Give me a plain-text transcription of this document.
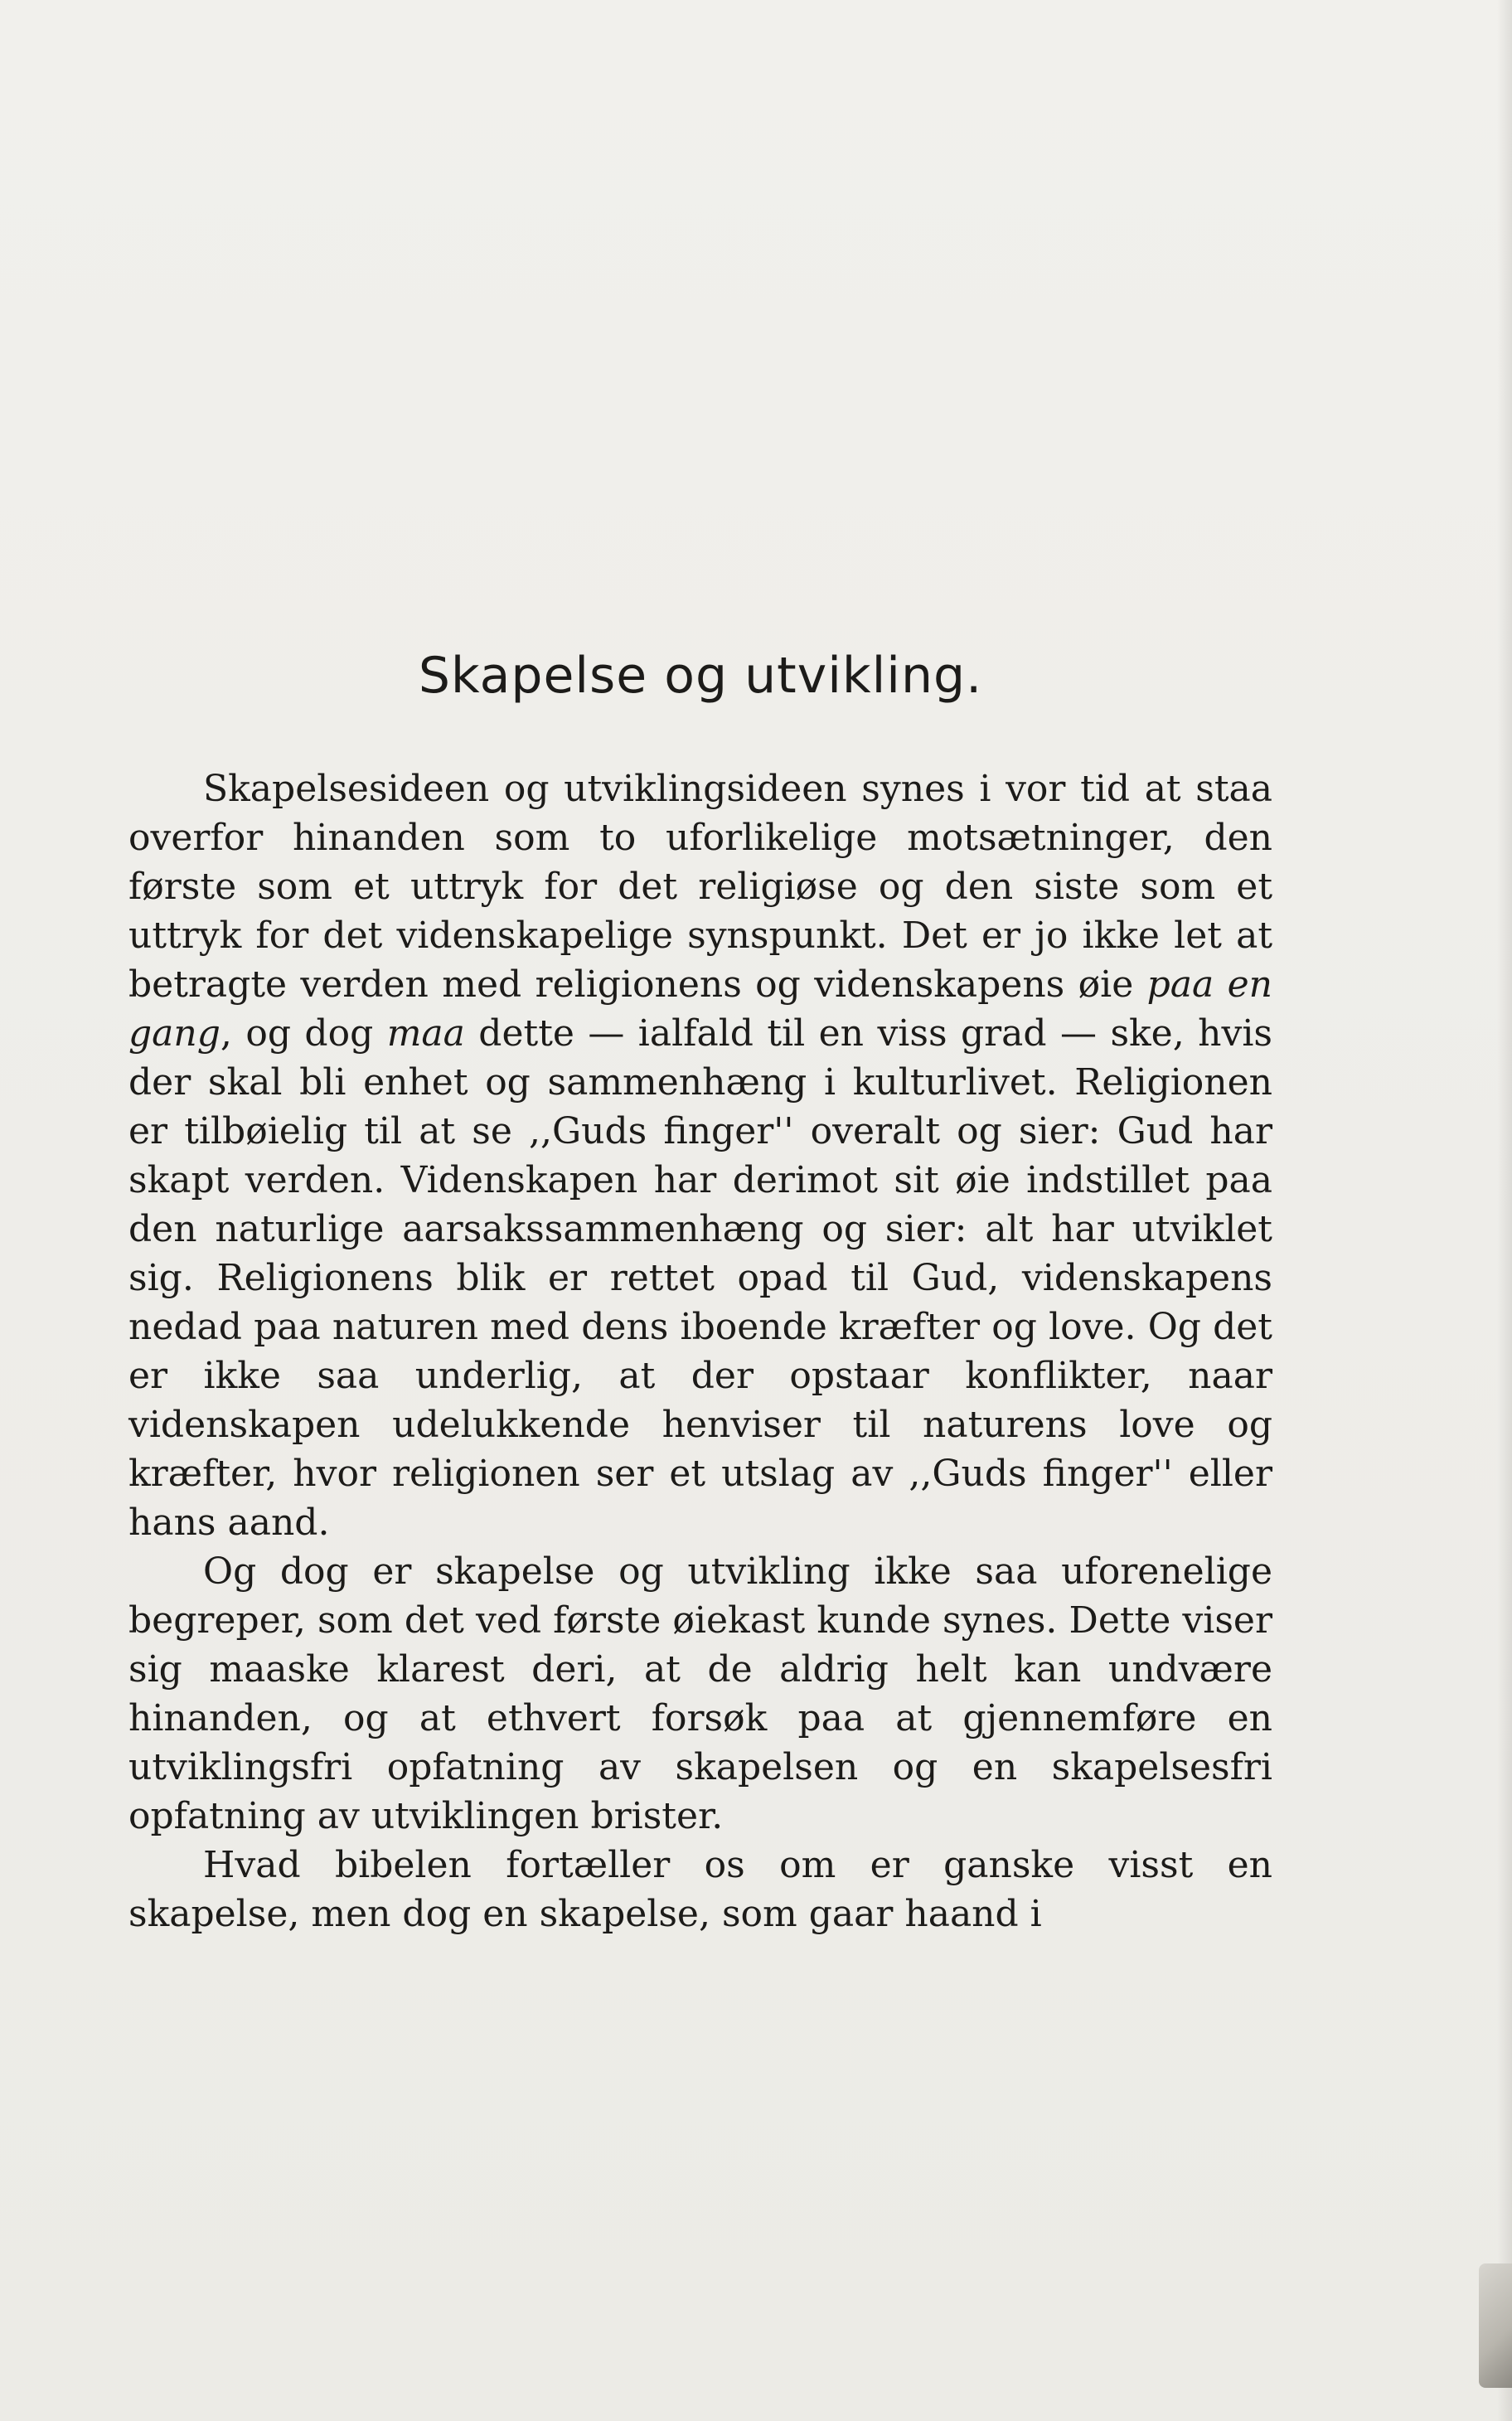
Skapelse og utvikling.

Skapelsesideen og utviklingsideen synes i vor tid at staa overfor hinanden som to uforlikelige motsætninger, den første som et uttryk for det religiøse og den siste som et uttryk for det videnskapelige synspunkt. Det er jo ikke let at betragte verden med religionens og videnskapens øie paa en gang, og dog maa dette — ialfald til en viss grad — ske, hvis der skal bli enhet og sammenhæng i kulturlivet. Religionen er tilbøielig til at se ,,Guds finger'' overalt og sier: Gud har skapt verden. Videnskapen har derimot sit øie indstillet paa den naturlige aarsakssammenhæng og sier: alt har utviklet sig. Religionens blik er rettet opad til Gud, videnskapens nedad paa naturen med dens iboende kræfter og love. Og det er ikke saa underlig, at der opstaar konflikter, naar videnskapen udelukkende henviser til naturens love og kræfter, hvor religionen ser et utslag av ,,Guds finger'' eller hans aand.

Og dog er skapelse og utvikling ikke saa uforenelige begreper, som det ved første øiekast kunde synes. Dette viser sig maaske klarest deri, at de aldrig helt kan undvære hinanden, og at ethvert forsøk paa at gjennemføre en utviklingsfri opfatning av skapelsen og en skapelsesfri opfatning av utviklingen brister.

Hvad bibelen fortæller os om er ganske visst en skapelse, men dog en skapelse, som gaar haand i
